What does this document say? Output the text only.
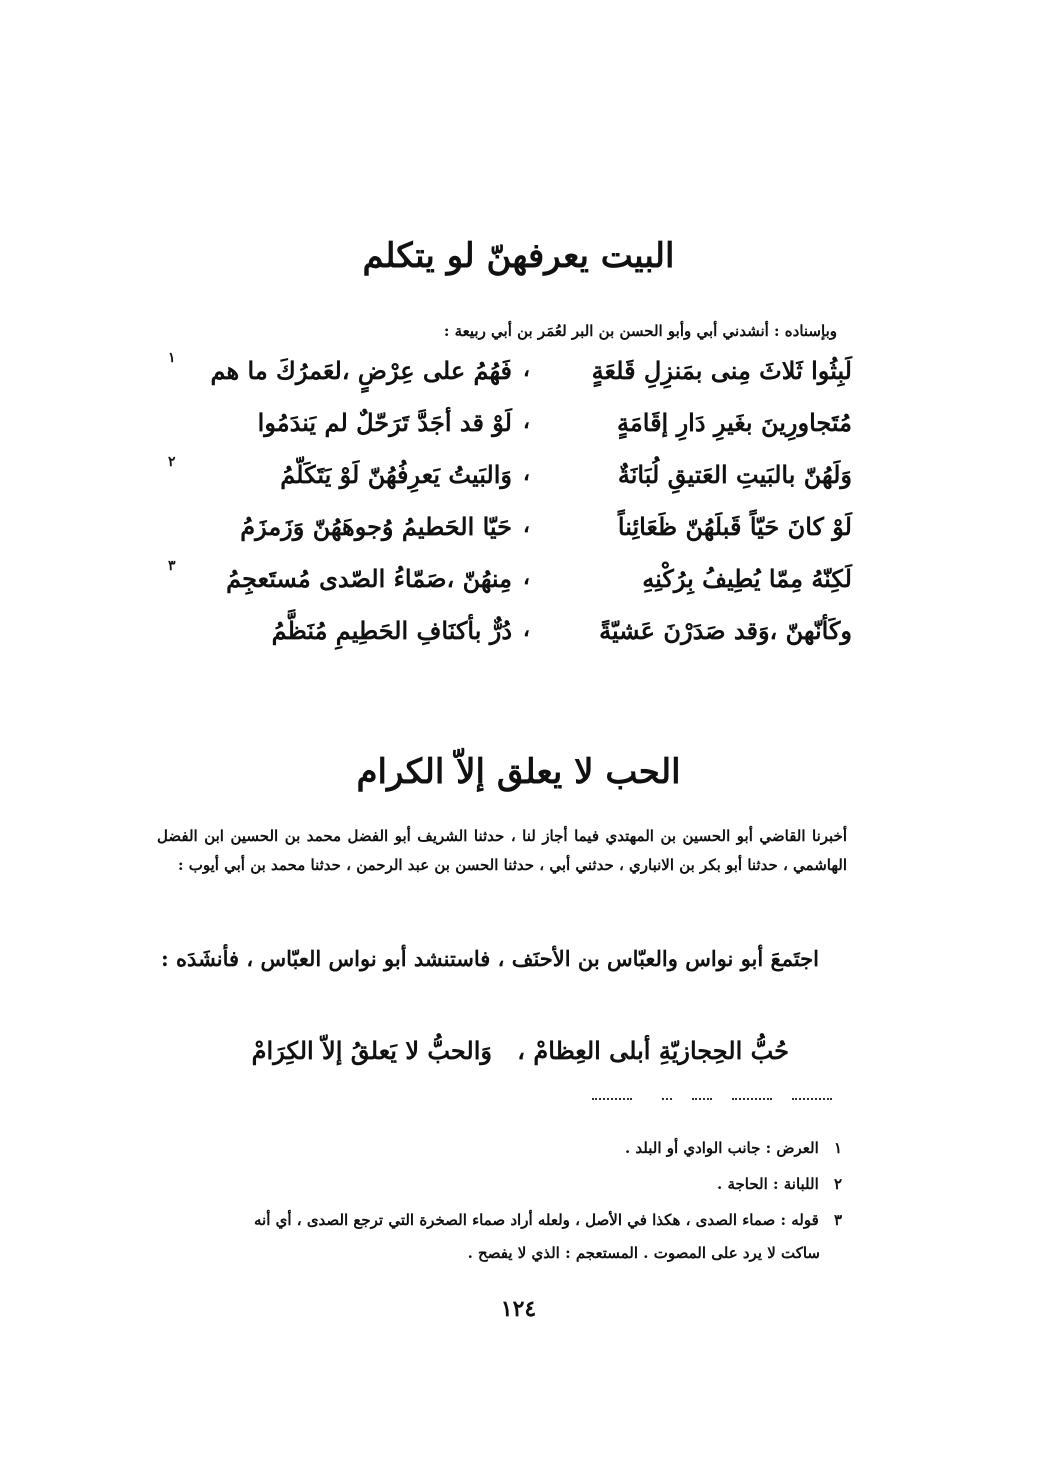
البيت يعرفهنّ لو يتكلم

وبإسناده : أنشدني أبي وأبو الحسن بن البر لعُمَر بن أبي ربيعة :

لَبِثُوا ثَلاثَ مِنى بمَنزِلِ قَلعَةٍ
،
فَهُمُ على عِرْضٍ ،لعَمرُكَ ما هم
١
مُتَجاورِينَ بغَيرِ دَارِ إقَامَةٍ
،
لَوْ قد أجَدَّ تَرَحّلٌ لم يَندَمُوا
وَلَهُنّ بالبَيتِ العَتيقِ لُبَانَةٌ
،
وَالبَيتُ يَعرِفُهُنّ لَوْ يَتَكَلّمُ
٢
لَوْ كانَ حَيّاً قَبلَهُنّ ظَعَائِناً
،
حَيّا الحَطيمُ وُجوهَهُنّ وَزَمزَمُ
لَكِنّهُ مِمّا يُطِيفُ بِرُكْنِهِ
،
مِنهُنّ ،صَمّاءُ الصّدى مُستَعجِمُ
٣
وكَأنّهنّ ،وَقد صَدَرْنَ عَشيّةً
،
دُرٌّ بأكنَافِ الحَطِيمِ مُنَظَّمُ
الحب لا يعلق إلاّ الكرام

أخبرنا القاضي أبو الحسين بن المهتدي فيما أجاز لنا ، حدثنا الشريف أبو الفضل محمد بن الحسين ابن الفضل الهاشمي ، حدثنا أبو بكر بن الانباري ، حدثني أبي ، حدثنا الحسن بن عبد الرحمن ، حدثنا محمد بن أبي أيوب :

اجتَمعَ أبو نواس والعبّاس بن الأحنَف ، فاستنشد أبو نواس العبّاس ، فأنشَدَه :

حُبُّ الحِجازيّةِ أبلى العِظامْ ،
وَالحبُّ لا يَعلقُ إلاّ الكِرَامْ
١ العرض : جانب الوادي أو البلد .
٢ اللبانة : الحاجة .
٣ قوله : صماء الصدى ، هكذا في الأصل ، ولعله أراد صماء الصخرة التي ترجع الصدى ، أي أنه
ساكت لا يرد على المصوت . المستعجم : الذي لا يفصح .
١٢٤
